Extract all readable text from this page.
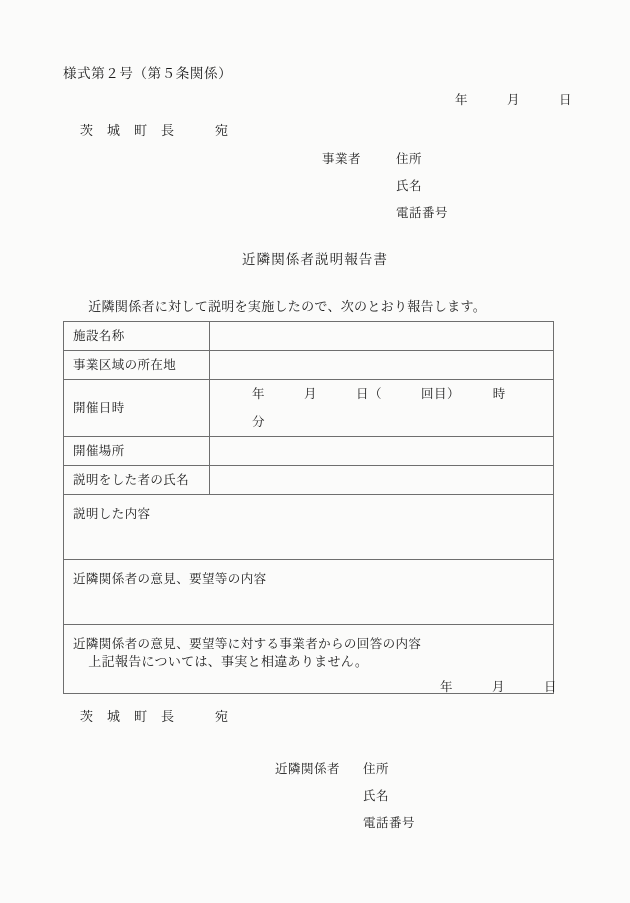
様式第２号（第５条関係）
年　　　月　　　日
茨　城　町　長　　　宛
事業者	住所
氏名
電話番号
近隣関係者説明報告書
　近隣関係者に対して説明を実施したので、次のとおり報告します。
施設名称	
事業区域の所在地	
開催日時	年　　　月　　　日（　　　回目）　　　時　　　分
開催場所	
説明をした者の氏名	
説明した内容	
近隣関係者の意見、要望等の内容	
近隣関係者の意見、要望等に対する事業者からの回答の内容	
　上記報告については、事実と相違ありません。
年　　　月　　　日
茨　城　町　長　　　宛
近隣関係者	住所
氏名
電話番号
